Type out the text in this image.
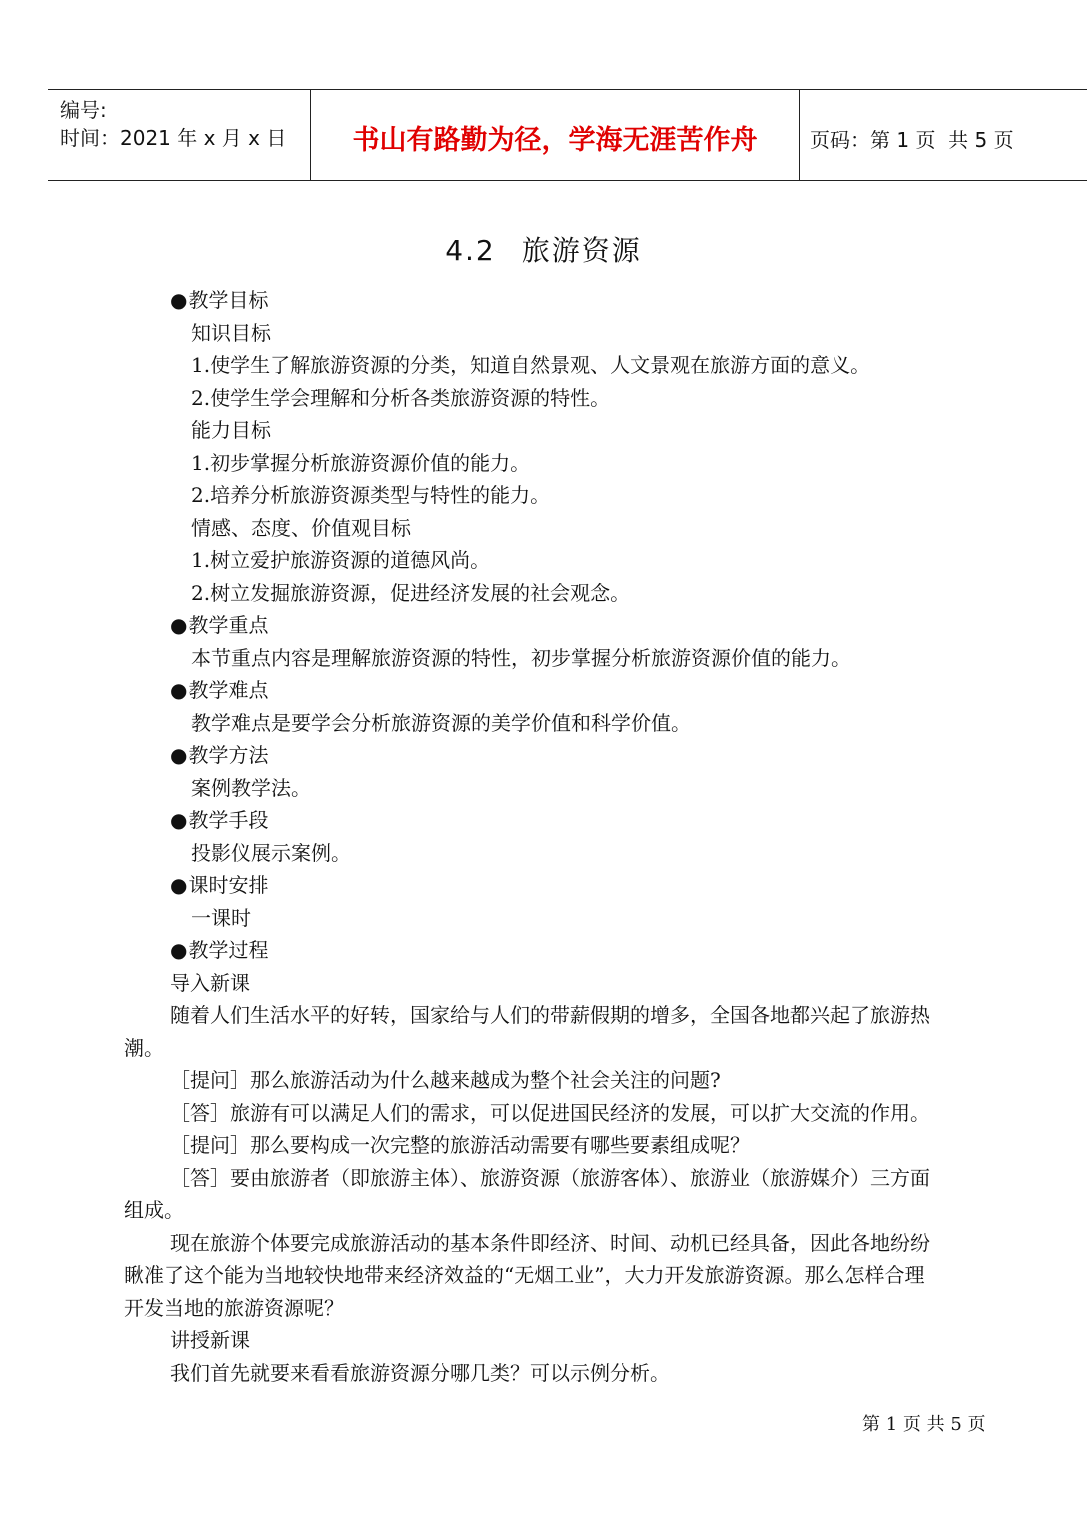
编号:
时间：2021 年 x 月 x 日	书山有路勤为径，学海无涯苦作舟	页码：第 1 页  共 5 页
4.2 旅游资源
●教学目标
知识目标
1.使学生了解旅游资源的分类，知道自然景观、人文景观在旅游方面的意义。
2.使学生学会理解和分析各类旅游资源的特性。
能力目标
1.初步掌握分析旅游资源价值的能力。
2.培养分析旅游资源类型与特性的能力。
情感、态度、价值观目标
1.树立爱护旅游资源的道德风尚。
2.树立发掘旅游资源，促进经济发展的社会观念。
●教学重点
本节重点内容是理解旅游资源的特性，初步掌握分析旅游资源价值的能力。
●教学难点
教学难点是要学会分析旅游资源的美学价值和科学价值。
●教学方法
案例教学法。
●教学手段
投影仪展示案例。
●课时安排
一课时
●教学过程
导入新课
随着人们生活水平的好转，国家给与人们的带薪假期的增多，全国各地都兴起了旅游热
潮。
［提问］那么旅游活动为什么越来越成为整个社会关注的问题?
［答］旅游有可以满足人们的需求，可以促进国民经济的发展，可以扩大交流的作用。
［提问］那么要构成一次完整的旅游活动需要有哪些要素组成呢？
［答］要由旅游者（即旅游主体）、旅游资源（旅游客体）、旅游业（旅游媒介）三方面
组成。
现在旅游个体要完成旅游活动的基本条件即经济、时间、动机已经具备，因此各地纷纷
瞅准了这个能为当地较快地带来经济效益的“无烟工业”，大力开发旅游资源。那么怎样合理
开发当地的旅游资源呢？
讲授新课
我们首先就要来看看旅游资源分哪几类？可以示例分析。
第 1 页 共 5 页
